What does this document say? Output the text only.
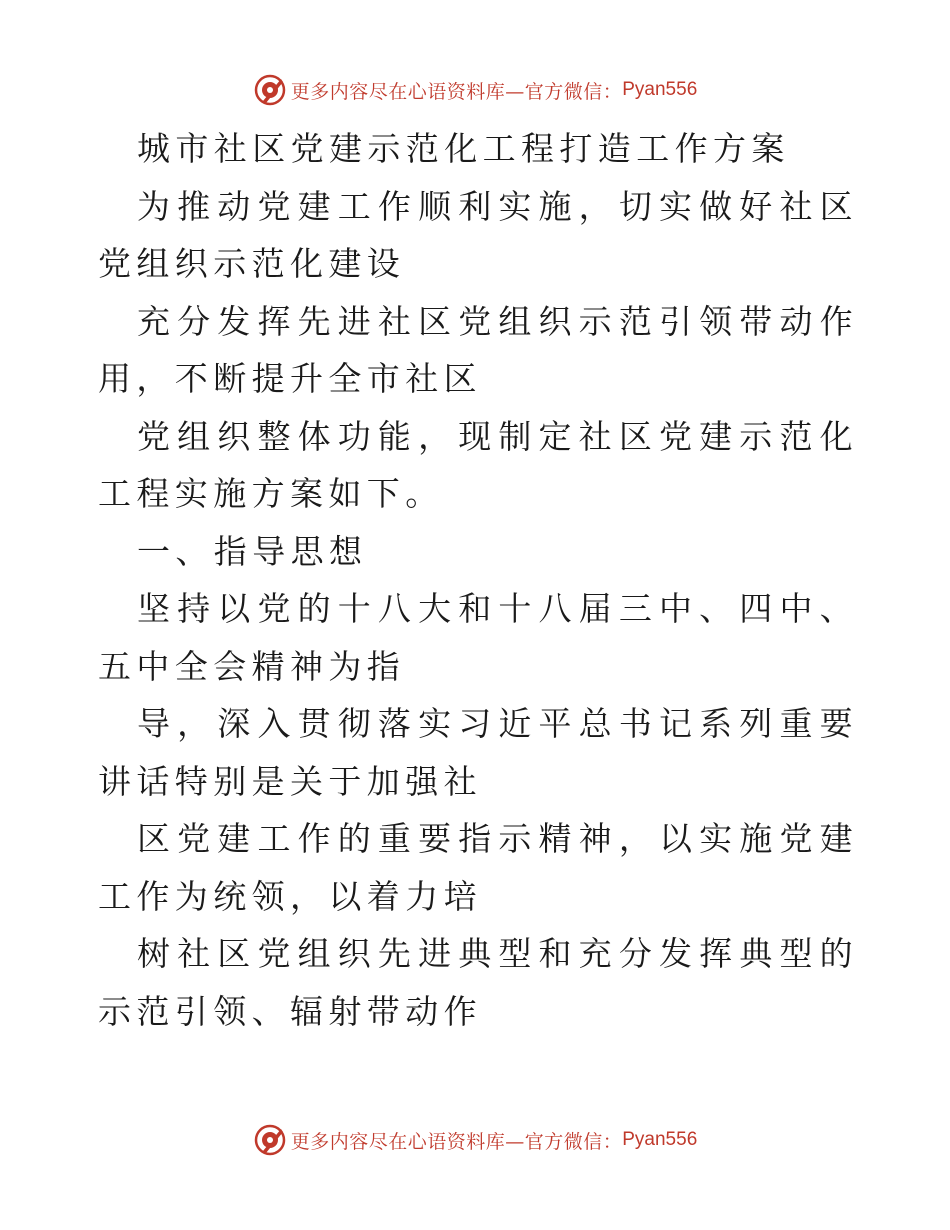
更多内容尽在心语资料库—官方微信： Pyan556

城市社区党建示范化工程打造工作方案

为推动党建工作顺利实施，切实做好社区党组织示范化建设

充分发挥先进社区党组织示范引领带动作用，不断提升全市社区

党组织整体功能，现制定社区党建示范化工程实施方案如下。

一、指导思想

坚持以党的十八大和十八届三中、四中、五中全会精神为指

导，深入贯彻落实习近平总书记系列重要讲话特别是关于加强社

区党建工作的重要指示精神，以实施党建工作为统领，以着力培

树社区党组织先进典型和充分发挥典型的示范引领、辐射带动作

更多内容尽在心语资料库—官方微信： Pyan556
